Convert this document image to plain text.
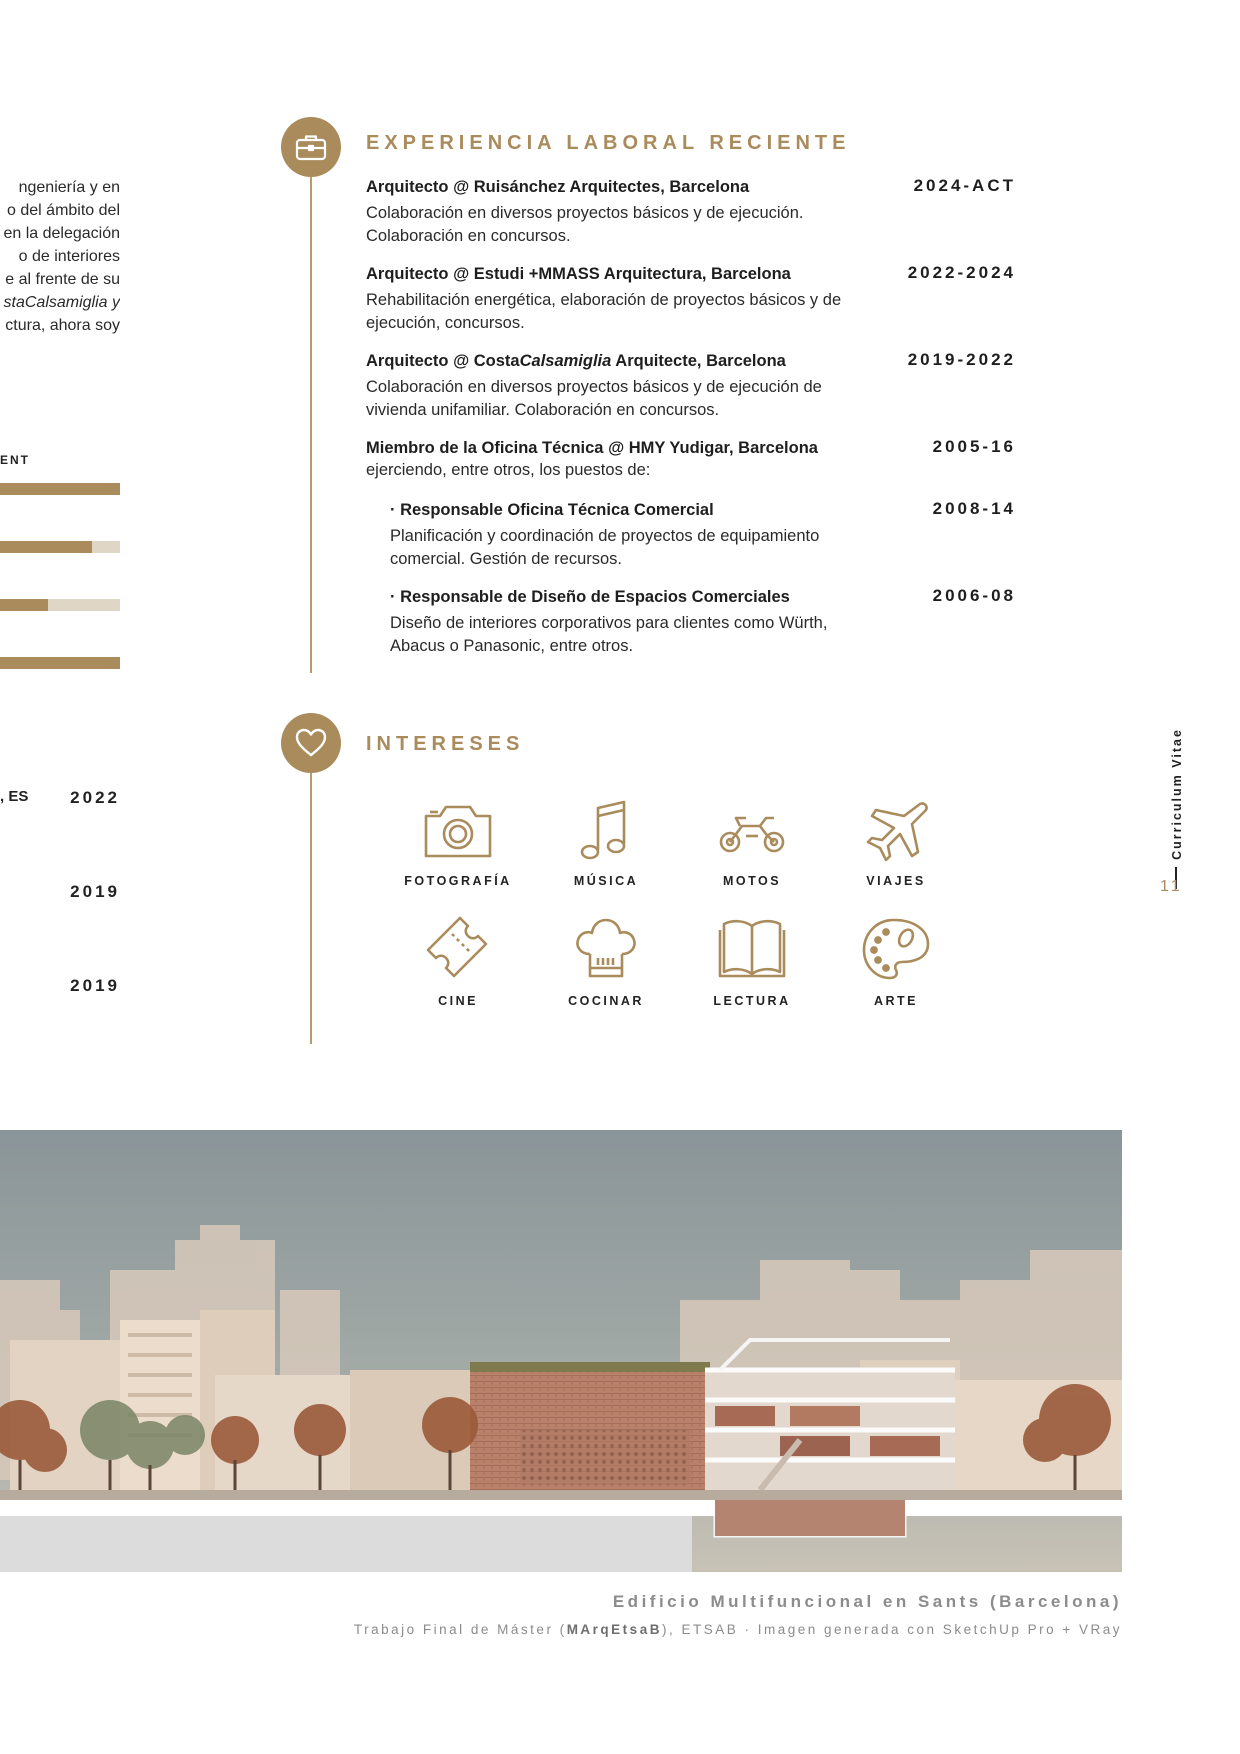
ngeniería y en
o del ámbito del
en la delegación
o de interiores
e al frente de su
staCalsamiglia y
ctura, ahora soy
ENT
, ES	2022
2019
2019
EXPERIENCIA LABORAL RECIENTE
Arquitecto @ Ruisánchez Arquitectes, Barcelona	2024-ACT
Colaboración en diversos proyectos básicos y de ejecución. Colaboración en concursos.
Arquitecto @ Estudi +MMASS Arquitectura, Barcelona	2022-2024
Rehabilitación energética, elaboración de proyectos básicos y de ejecución, concursos.
Arquitecto @ CostaCalsamiglia Arquitecte, Barcelona	2019-2022
Colaboración en diversos proyectos básicos y de ejecución de vivienda unifamiliar. Colaboración en concursos.
Miembro de la Oficina Técnica @ HMY Yudigar, Barcelona	2005-16
ejerciendo, entre otros, los puestos de:
· Responsable Oficina Técnica Comercial	2008-14
Planificación y coordinación de proyectos de equipamiento comercial. Gestión de recursos.
· Responsable de Diseño de Espacios Comerciales	2006-08
Diseño de interiores corporativos para clientes como Würth, Abacus o Panasonic, entre otros.
INTERESES
FOTOGRAFÍA	MÚSICA	MOTOS	VIAJES
CINE	COCINAR	LECTURA	ARTE
Curriculum Vitae
11
Edificio Multifuncional en Sants (Barcelona)
Trabajo Final de Máster (MArqEtsaB), ETSAB · Imagen generada con SketchUp Pro + VRay
